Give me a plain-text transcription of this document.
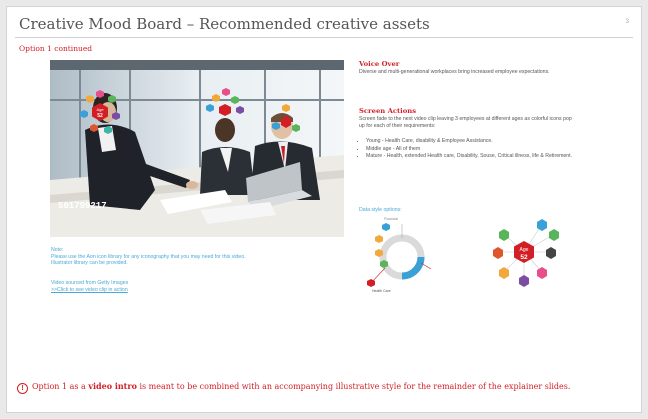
Creative Mood Board – Recommended creative assets	3
Option 1 continued
Age
52
501799217
Note:
Please use the Aon icon library for any iconography that you may need for this video. Illustrator library can be provided.
Video sourced from Getty Images
>>Click to see video clip in action
Voice Over
Diverse and multi-generational workplaces bring increased employee expectations.
Screen Actions
Screen fade to the next video clip leaving 3 employees at different ages as colorful icons pop up for each of their requirements:
• Young - Health Care, disability & Employee Assistance.
• Middle age - All of them
• Mature - Health, extended Health care, Disability, Souse, Critical illness, life & Retirement.
Data style options:
Financial
Health Care
Age
52
! Option 1 as a video intro is meant to be combined with an accompanying illustrative style for the remainder of the explainer slides.
